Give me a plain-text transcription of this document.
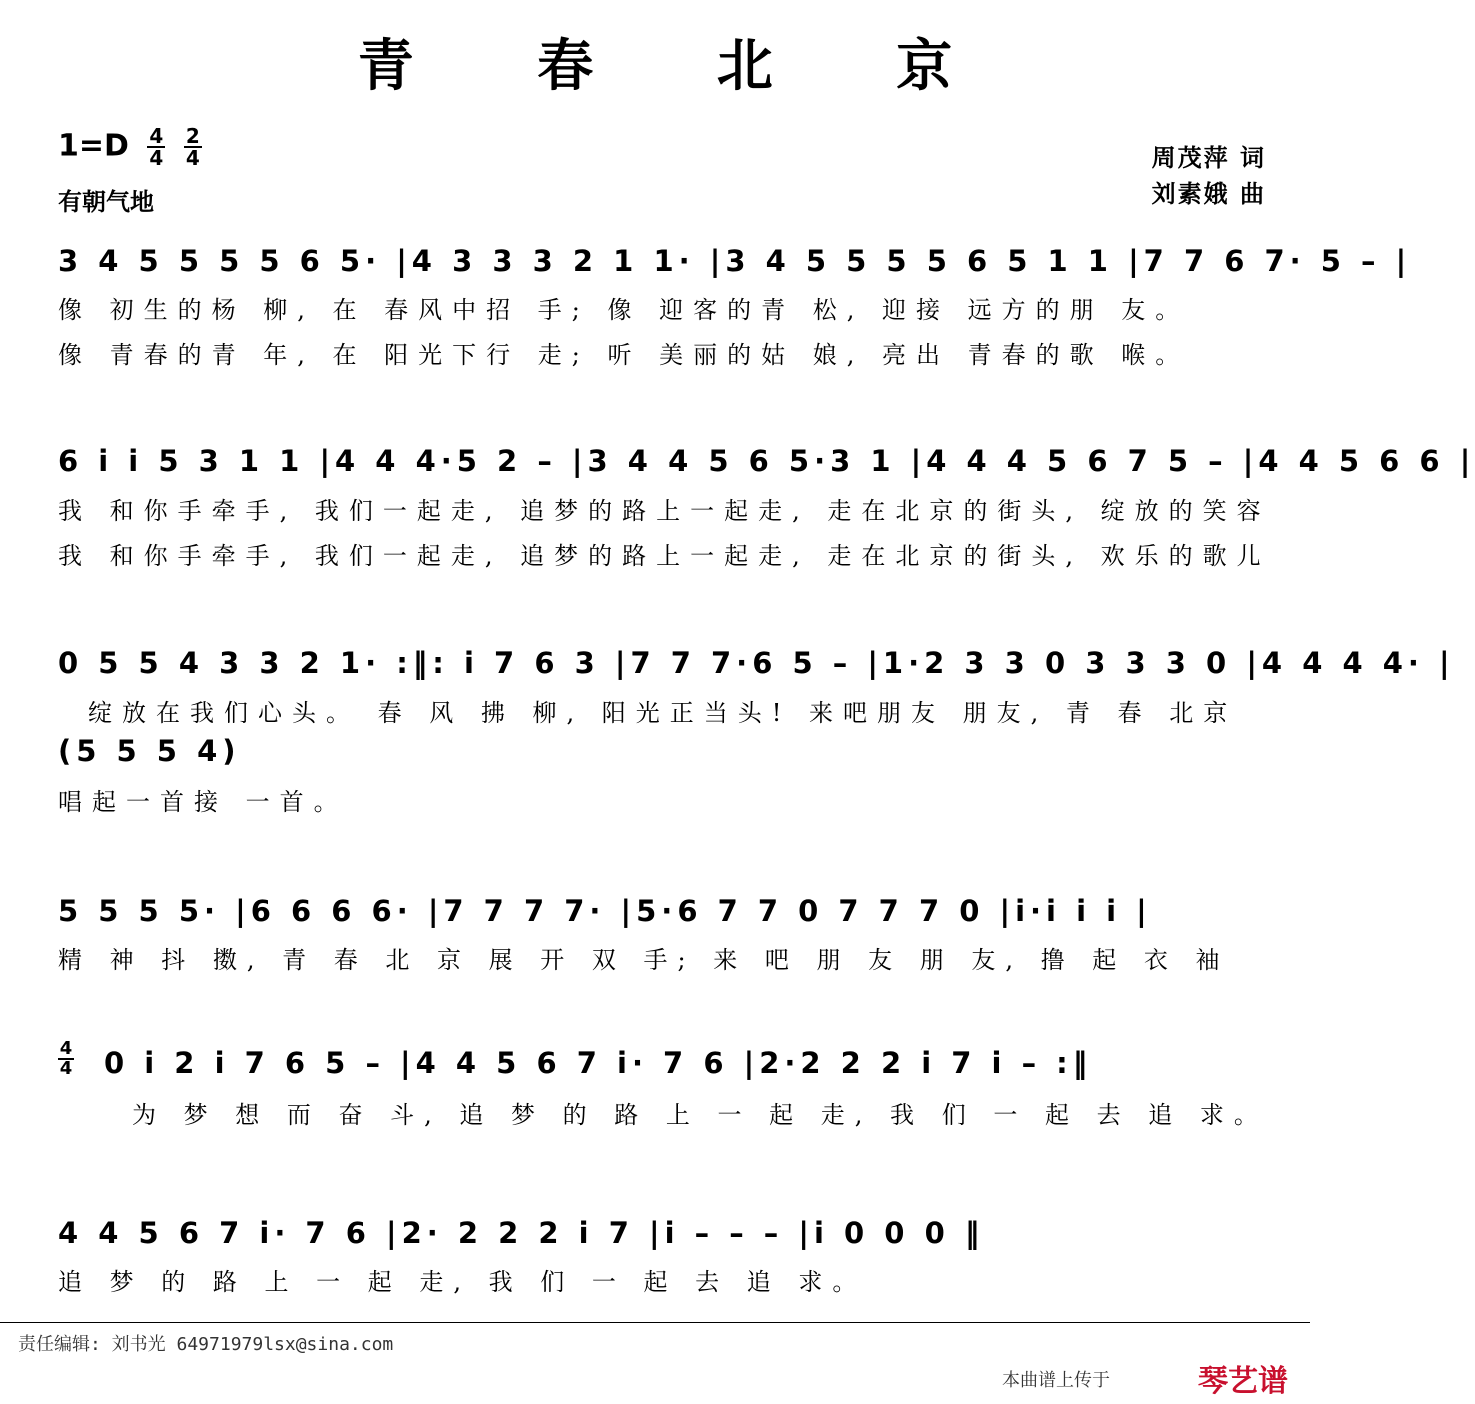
青 春 北 京
$1=D \frac{4}{4}$
$\frac{2}{4}$
有朝气地
周茂萍 词
刘素娥 曲
3 4 5 5 5 5 6 5· |4 3 3 3 2 1 1· |3 4 5 5 5 5 6 5 1 1 |7 7 6 7· 5 – |
像 初生的杨 柳, 在 春风中招 手; 像 迎客的青 松, 迎接 远方的朋 友。
像 青春的青 年, 在 阳光下行 走; 听 美丽的姑 娘, 亮出 青春的歌 喉。
6 i i 5 3 1 1 |4 4 4·5 2 – |3 4 4 5 6 5·3 1 |4 4 4 5 6 7 5 – |4 4 5 6 6 |
我 和你手牵手, 我们一起走, 追梦的路上一起走, 走在北京的街头, 绽放的笑容
我 和你手牵手, 我们一起走, 追梦的路上一起走, 走在北京的街头, 欢乐的歌儿
0 5 5 4 3 3 2 1· :‖: i 7 6 3 |7 7 7·6 5 – |1·2 3 3 0 3 3 3 0 |4 4 4 4· |
绽放在我们心头。 春 风 拂 柳, 阳光正当头! 来吧朋友 朋友, 青 春 北京
(5 5 5 4)
唱起一首接 一首。
5 5 5 5· |6 6 6 6· |7 7 7 7· |5·6 7 7 0 7 7 7 0 |i·i i i |
精 神 抖 擞, 青 春 北 京 展 开 双 手; 来 吧 朋 友 朋 友, 撸 起 衣 袖
4
4 0 i 2 i 7 6 5 – |4 4 5 6 7 i· 7 6 |2·2 2 2 i 7 i – :‖
为 梦 想 而 奋 斗, 追 梦 的 路 上 一 起 走, 我 们 一 起 去 追 求。
4 4 5 6 7 i· 7 6 |2· 2 2 2 i 7 |i – – – |i 0 0 0 ‖
追 梦 的 路 上 一 起 走, 我 们 一 起 去 追 求。
责任编辑: 刘书光 64971979lsx@sina.com
本曲谱上传于	琴艺谱
